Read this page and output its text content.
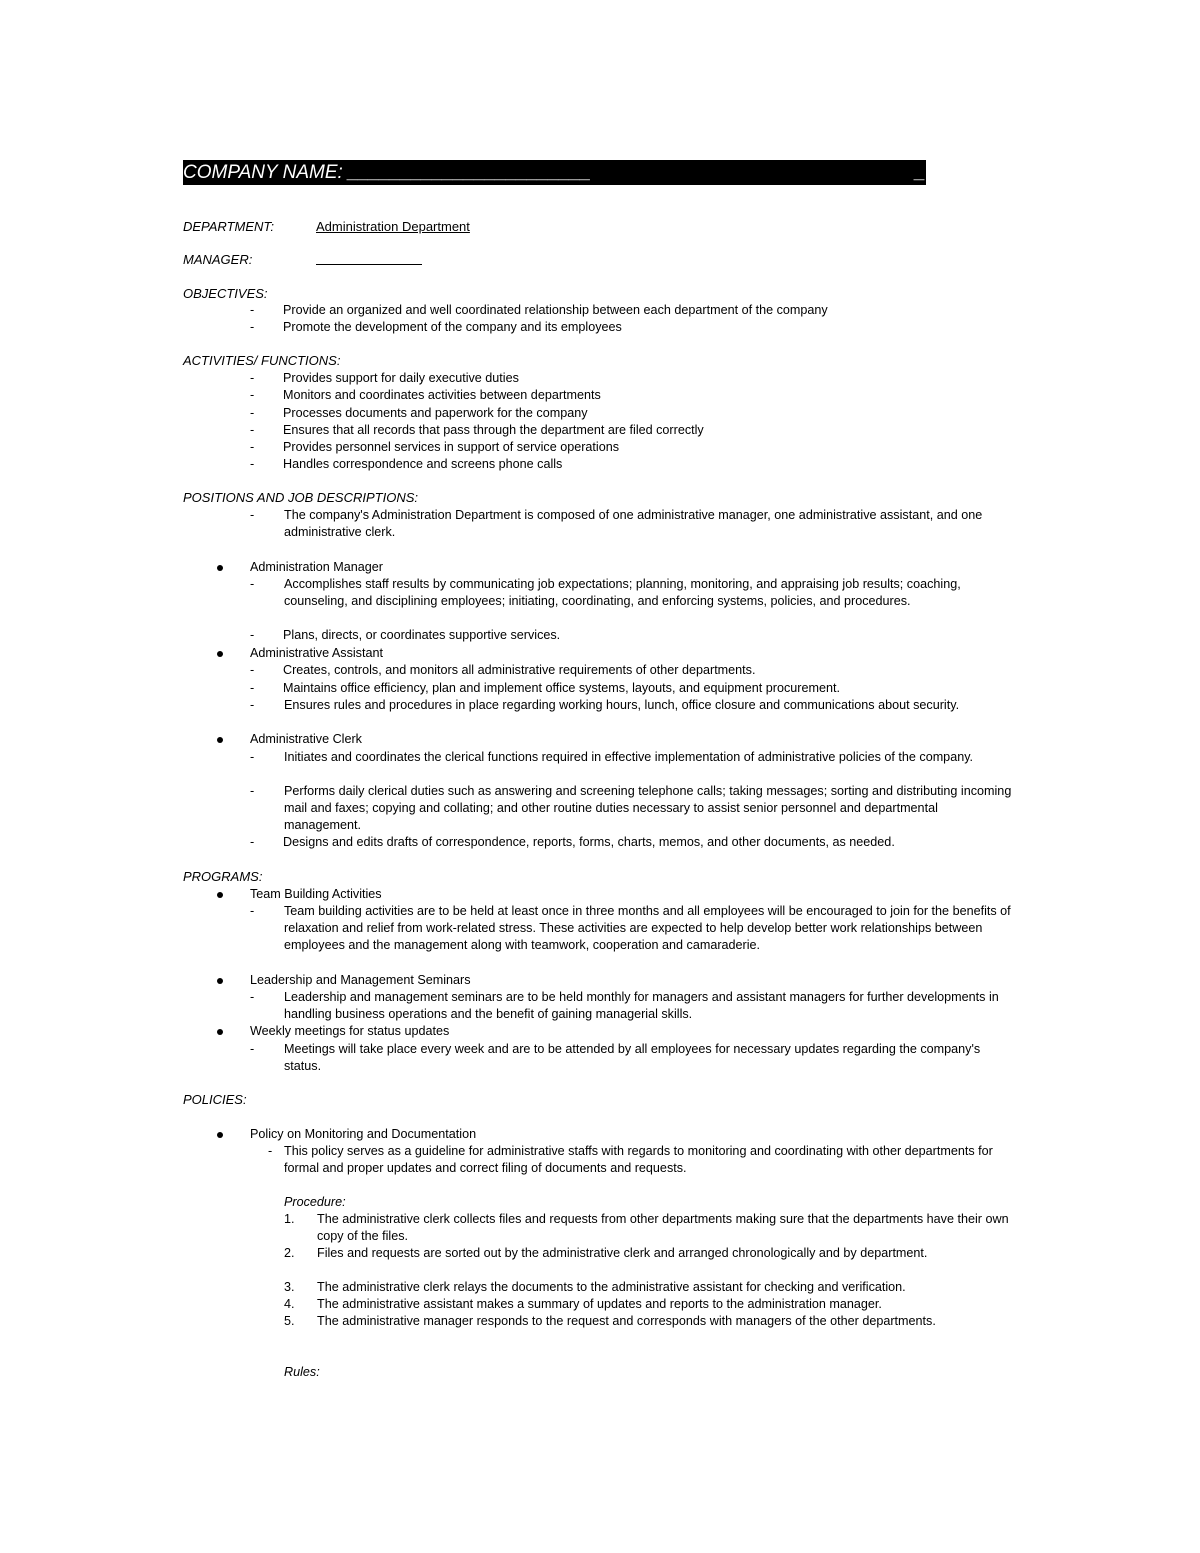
COMPANY NAME: _______________________	_
DEPARTMENT:	Administration Department
MANAGER:
OBJECTIVES:
- Provide an organized and well coordinated relationship between each department of the company
- Promote the development of the company and its employees
ACTIVITIES/ FUNCTIONS:
- Provides support for daily executive duties
- Monitors and coordinates activities between departments
- Processes documents and paperwork for the company
- Ensures that all records that pass through the department are filed correctly
- Provides personnel services in support of service operations
- Handles correspondence and screens phone calls
POSITIONS AND JOB DESCRIPTIONS:
- The company's Administration Department is composed of one administrative manager, one administrative assistant, and one administrative clerk.
Administration Manager
- Accomplishes staff results by communicating job expectations; planning, monitoring, and appraising job results; coaching, counseling, and disciplining employees; initiating, coordinating, and enforcing systems, policies, and procedures.
- Plans, directs, or coordinates supportive services.
Administrative Assistant
- Creates, controls, and monitors all administrative requirements of other departments.
- Maintains office efficiency, plan and implement office systems, layouts, and equipment procurement.
- Ensures rules and procedures in place regarding working hours, lunch, office closure and communications about security.
Administrative Clerk
- Initiates and coordinates the clerical functions required in effective implementation of administrative policies of the company.
- Performs daily clerical duties such as answering and screening telephone calls; taking messages; sorting and distributing incoming mail and faxes; copying and collating; and other routine duties necessary to assist senior personnel and departmental management.
- Designs and edits drafts of correspondence, reports, forms, charts, memos, and other documents, as needed.
PROGRAMS:
Team Building Activities
- Team building activities are to be held at least once in three months and all employees will be encouraged to join for the benefits of relaxation and relief from work-related stress. These activities are expected to help develop better work relationships between employees and the management along with teamwork, cooperation and camaraderie.
Leadership and Management Seminars
- Leadership and management seminars are to be held monthly for managers and assistant managers for further developments in handling business operations and the benefit of gaining managerial skills.
Weekly meetings for status updates
- Meetings will take place every week and are to be attended by all employees for necessary updates regarding the company's status.
POLICIES:
Policy on Monitoring and Documentation
- This policy serves as a guideline for administrative staffs with regards to monitoring and coordinating with other departments for formal and proper updates and correct filing of documents and requests.
Procedure:
1. The administrative clerk collects files and requests from other departments making sure that the departments have their own copy of the files.
2. Files and requests are sorted out by the administrative clerk and arranged chronologically and by department.
3. The administrative clerk relays the documents to the administrative assistant for checking and verification.
4. The administrative assistant makes a summary of updates and reports to the administration manager.
5. The administrative manager responds to the request and corresponds with managers of the other departments.
Rules:
